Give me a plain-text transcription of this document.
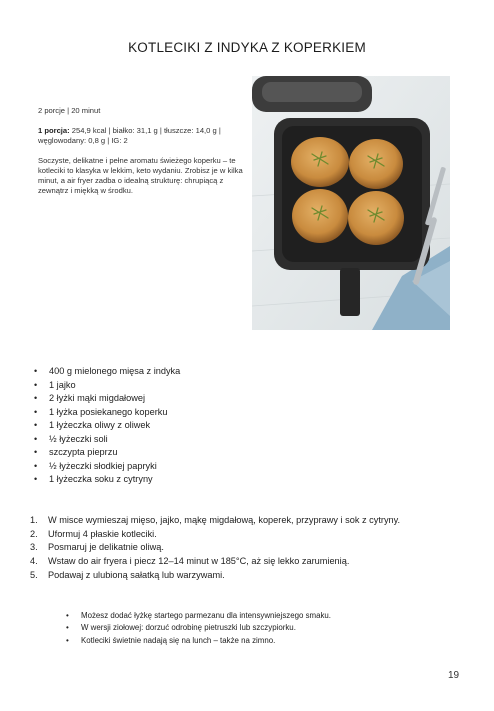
KOTLECIKI Z INDYKA Z KOPERKIEM
2 porcje | 20 minut
1 porcja: 254,9 kcal | białko: 31,1 g | tłuszcze: 14,0 g | węglowodany: 0,8 g | IG: 2
Soczyste, delikatne i pełne aromatu świeżego koperku – te kotleciki to klasyka w lekkim, keto wydaniu. Zrobisz je w kilka minut, a air fryer zadba o idealną strukturę: chrupiącą z zewnątrz i miękką w środku.
• 400 g mielonego mięsa z indyka
• 1 jajko
• 2 łyżki mąki migdałowej
• 1 łyżka posiekanego koperku
• 1 łyżeczka oliwy z oliwek
• ½ łyżeczki soli
• szczypta pieprzu
• ½ łyżeczki słodkiej papryki
• 1 łyżeczka soku z cytryny
1. W misce wymieszaj mięso, jajko, mąkę migdałową, koperek, przyprawy i sok z cytryny.
2. Uformuj 4 płaskie kotleciki.
3. Posmaruj je delikatnie oliwą.
4. Wstaw do air fryera i piecz 12–14 minut w 185°C, aż się lekko zarumienią.
5. Podawaj z ulubioną sałatką lub warzywami.
• Możesz dodać łyżkę startego parmezanu dla intensywniejszego smaku.
• W wersji ziołowej: dorzuć odrobinę pietruszki lub szczypiorku.
• Kotleciki świetnie nadają się na lunch – także na zimno.
19
